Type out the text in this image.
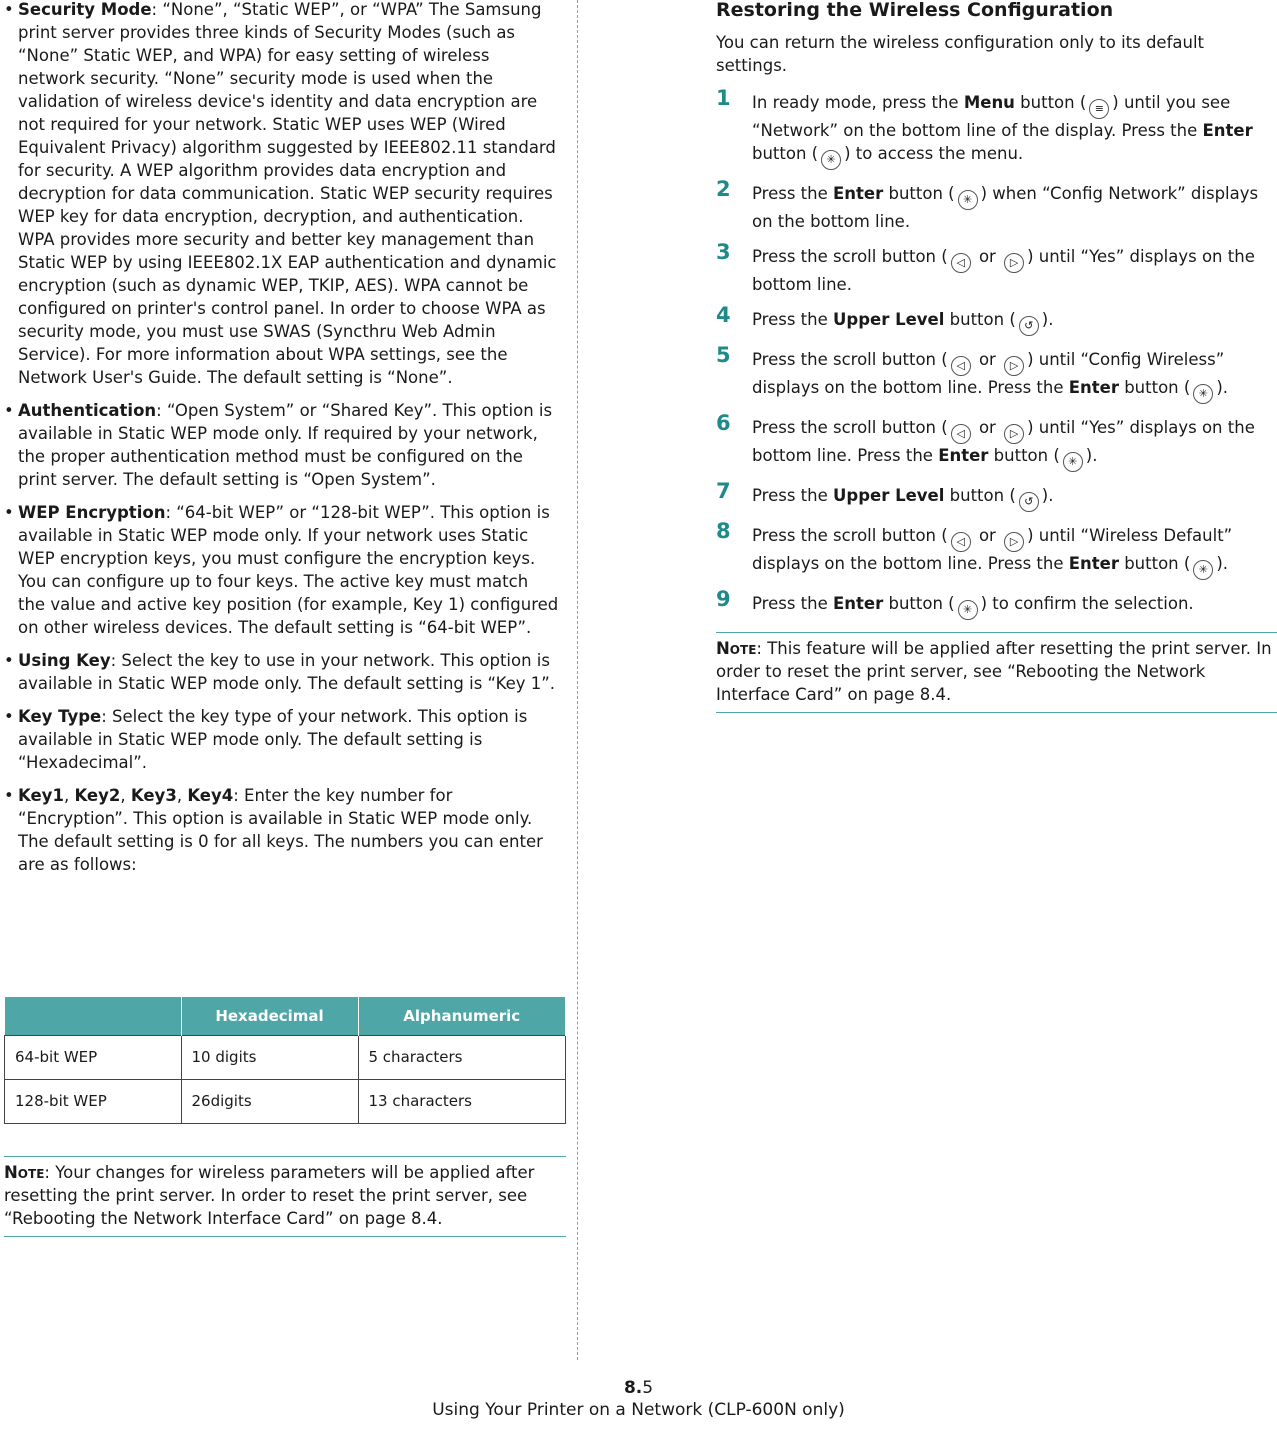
• Security Mode: “None”, “Static WEP”, or “WPA” The Samsung print server provides three kinds of Security Modes (such as “None” Static WEP, and WPA) for easy setting of wireless network security. “None” security mode is used when the validation of wireless device's identity and data encryption are not required for your network. Static WEP uses WEP (Wired Equivalent Privacy) algorithm suggested by IEEE802.11 standard for security. A WEP algorithm provides data encryption and decryption for data communication. Static WEP security requires WEP key for data encryption, decryption, and authentication. WPA provides more security and better key management than Static WEP by using IEEE802.1X EAP authentication and dynamic encryption (such as dynamic WEP, TKIP, AES). WPA cannot be configured on printer's control panel. In order to choose WPA as security mode, you must use SWAS (Syncthru Web Admin Service). For more information about WPA settings, see the Network User's Guide. The default setting is “None”.
• Authentication: “Open System” or “Shared Key”. This option is available in Static WEP mode only. If required by your network, the proper authentication method must be configured on the print server. The default setting is “Open System”.
• WEP Encryption: “64-bit WEP” or “128-bit WEP”. This option is available in Static WEP mode only. If your network uses Static WEP encryption keys, you must configure the encryption keys. You can configure up to four keys. The active key must match the value and active key position (for example, Key 1) configured on other wireless devices. The default setting is “64-bit WEP”.
• Using Key: Select the key to use in your network. This option is available in Static WEP mode only. The default setting is “Key 1”.
• Key Type: Select the key type of your network. This option is available in Static WEP mode only. The default setting is “Hexadecimal”.
• Key1, Key2, Key3, Key4: Enter the key number for “Encryption”. This option is available in Static WEP mode only. The default setting is 0 for all keys. The numbers you can enter are as follows:
	Hexadecimal	Alphanumeric
64-bit WEP	10 digits	5 characters
128-bit WEP	26digits	13 characters
Note: Your changes for wireless parameters will be applied after resetting the print server. In order to reset the print server, see “Rebooting the Network Interface Card” on page 8.4.
Restoring the Wireless Configuration

You can return the wireless configuration only to its default settings.

1 In ready mode, press the Menu button ( ≡ ) until you see “Network” on the bottom line of the display. Press the Enter button ( ✳ ) to access the menu.
2 Press the Enter button ( ✳ ) when “Config Network” displays on the bottom line.
3 Press the scroll button ( ◁ or ▷ ) until “Yes” displays on the bottom line.
4 Press the Upper Level button ( ↺ ).
5 Press the scroll button ( ◁ or ▷ ) until “Config Wireless” displays on the bottom line. Press the Enter button ( ✳ ).
6 Press the scroll button ( ◁ or ▷ ) until “Yes” displays on the bottom line. Press the Enter button ( ✳ ).
7 Press the Upper Level button ( ↺ ).
8 Press the scroll button ( ◁ or ▷ ) until “Wireless Default” displays on the bottom line. Press the Enter button ( ✳ ).
9 Press the Enter button ( ✳ ) to confirm the selection.
Note: This feature will be applied after resetting the print server. In order to reset the print server, see “Rebooting the Network Interface Card” on page 8.4.
8.5
Using Your Printer on a Network (CLP-600N only)
